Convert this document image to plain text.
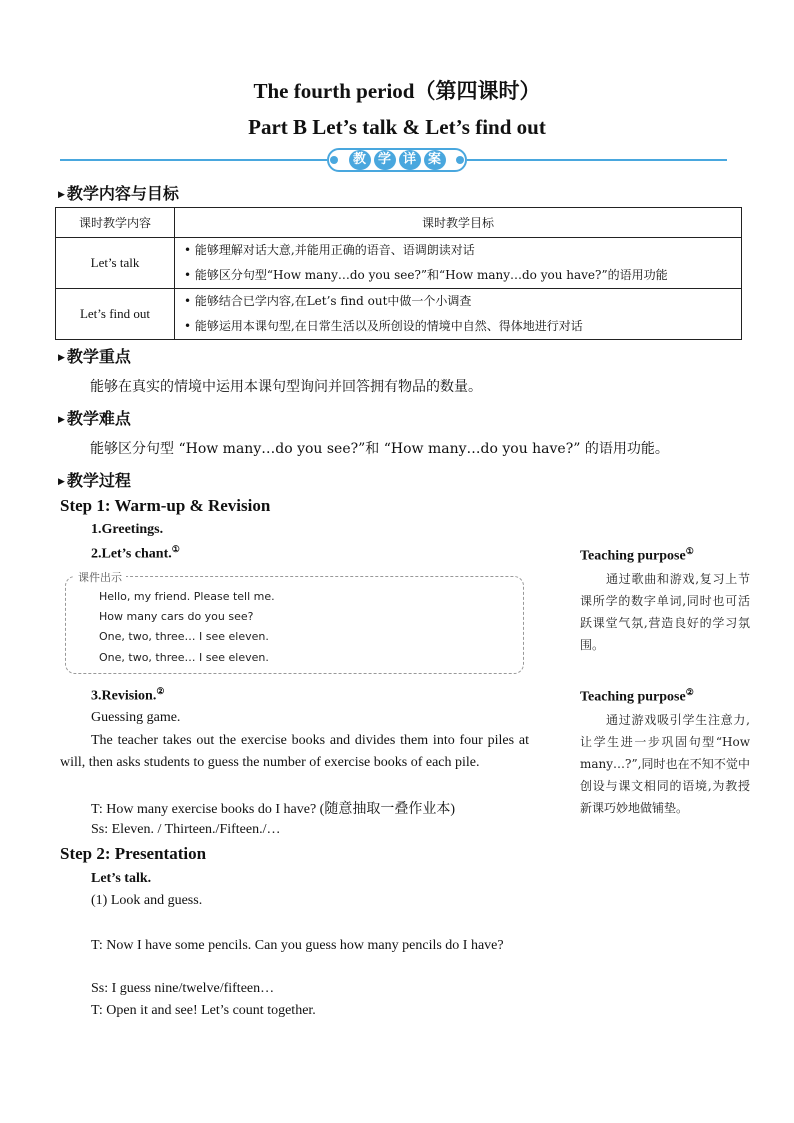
The fourth period（第四课时）
Part B Let’s talk & Let’s find out
教 学 详 案
▶ 教学内容与目标
课时教学内容	课时教学目标
Let’s talk	• 能够理解对话大意,并能用正确的语音、语调朗读对话
• 能够区分句型“How many…do you see?”和“How many…do you have?”的语用功能

Let’s find out	• 能够结合已学内容,在Let’s find out中做一个小调查
• 能够运用本课句型,在日常生活以及所创设的情境中自然、得体地进行对话
▶ 教学重点
能够在真实的情境中运用本课句型询问并回答拥有物品的数量。
▶ 教学难点
能够区分句型 “How many…do you see?”和 “How many…do you have?” 的语用功能。
▶ 教学过程
Step 1: Warm-up & Revision
1.Greetings.
2.Let’s chant.①
课件出示
Hello, my friend. Please tell me.
How many cars do you see?
One, two, three… I see eleven.
One, two, three… I see eleven.
3.Revision.②
Guessing game.
The teacher takes out the exercise books and divides them into four piles at will, then asks students to guess the number of exercise books of each pile.
T: How many exercise books do I have? (随意抽取一叠作业本)
Ss: Eleven. / Thirteen./Fifteen./…
Step 2: Presentation
Let’s talk.
(1) Look and guess.
T: Now I have some pencils. Can you guess how many pencils do I have?
Ss: I guess nine/twelve/fifteen…
T: Open it and see! Let’s count together.
Teaching purpose①
通过歌曲和游戏,复习上节课所学的数字单词,同时也可活跃课堂气氛,营造良好的学习氛围。
Teaching purpose②
通过游戏吸引学生注意力,让学生进一步巩固句型“How many…?”,同时也在不知不觉中创设与课文相同的语境,为教授新课巧妙地做铺垫。
